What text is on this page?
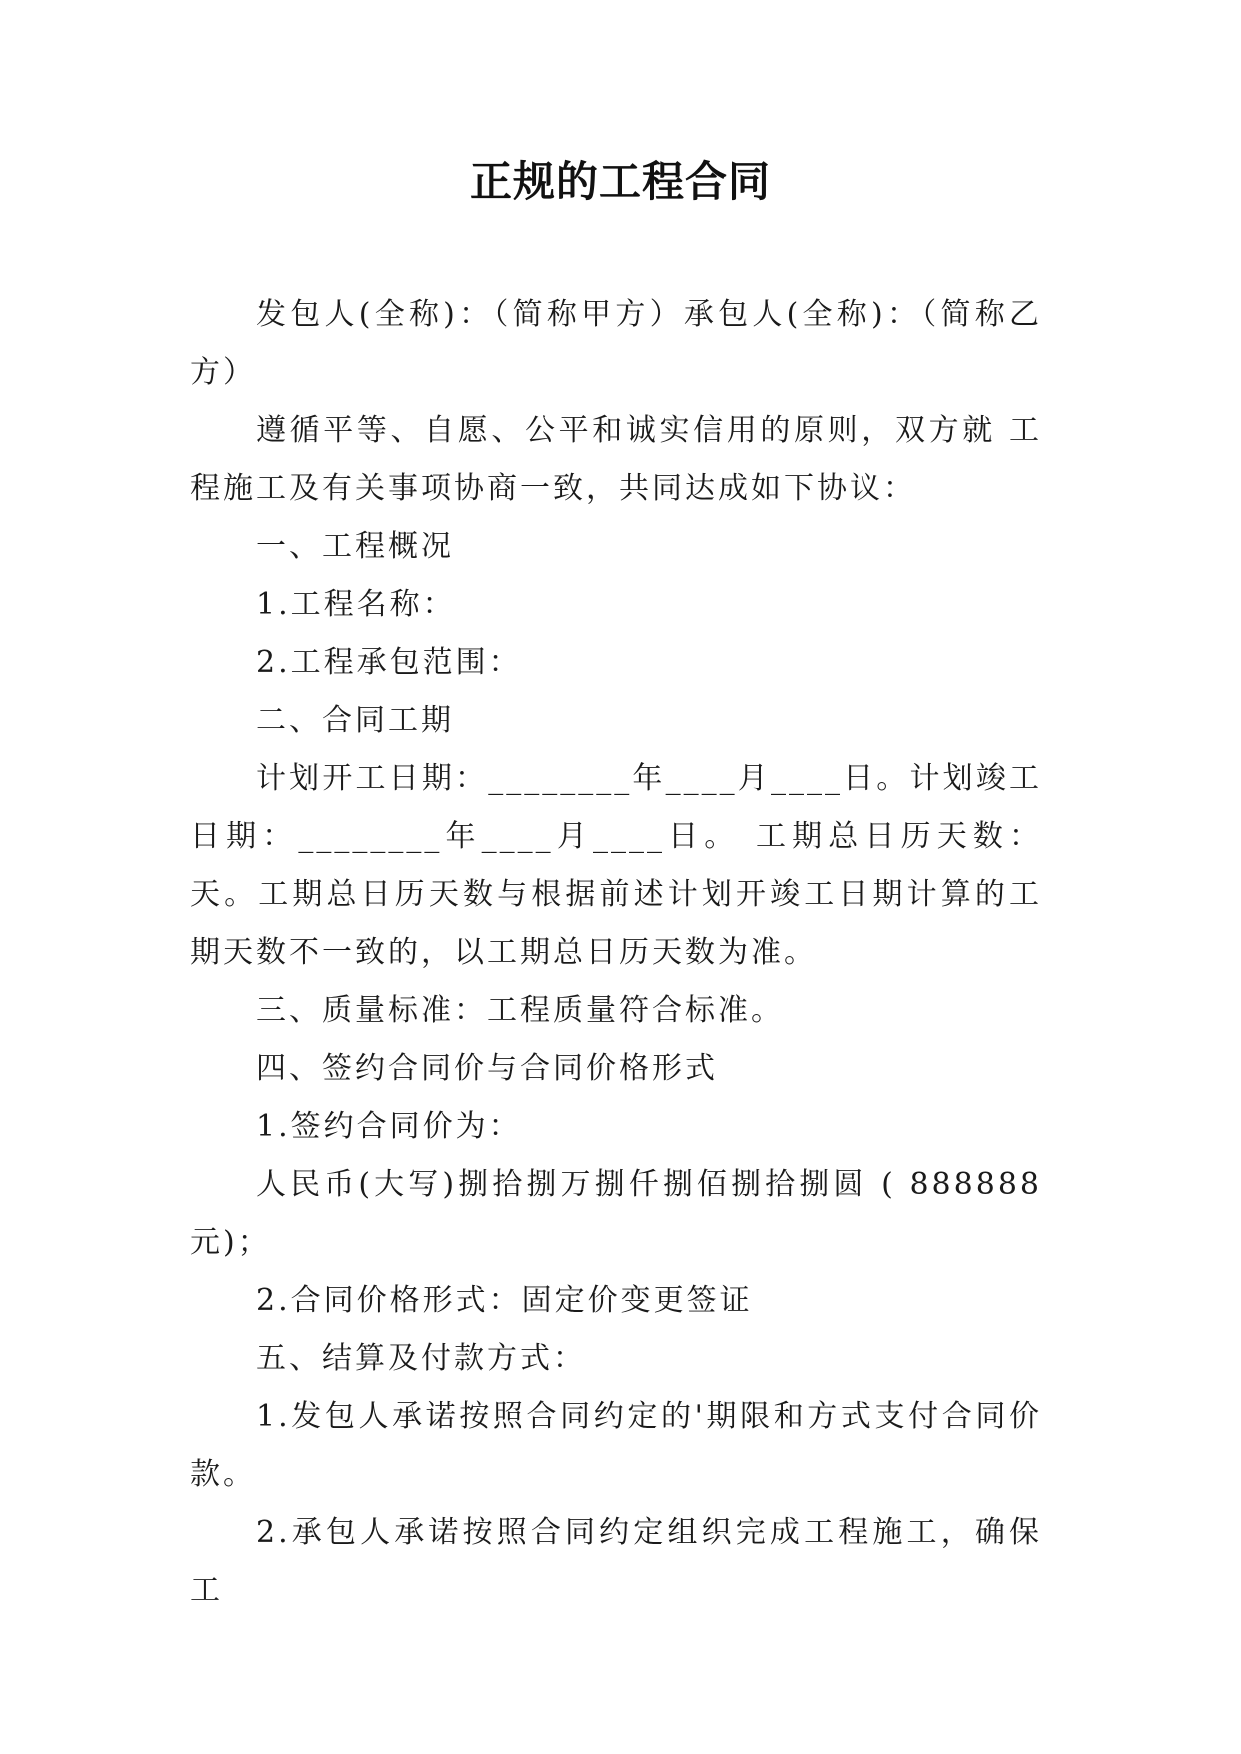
正规的工程合同

发包人(全称)：（简称甲方）承包人(全称)：（简称乙方）

遵循平等、自愿、公平和诚实信用的原则，双方就 工程施工及有关事项协商一致，共同达成如下协议：

一、工程概况

1.工程名称：

2.工程承包范围：

二、合同工期

计划开工日期：________年____月____日。计划竣工日期：________年____月____日。 工期总日历天数：天。工期总日历天数与根据前述计划开竣工日期计算的工期天数不一致的，以工期总日历天数为准。

三、质量标准：工程质量符合标准。

四、签约合同价与合同价格形式

1.签约合同价为：

人民币(大写)捌拾捌万捌仟捌佰捌拾捌圆 ( 888888元)；

2.合同价格形式：固定价变更签证

五、结算及付款方式：

1.发包人承诺按照合同约定的'期限和方式支付合同价款。

2.承包人承诺按照合同约定组织完成工程施工，确保工
